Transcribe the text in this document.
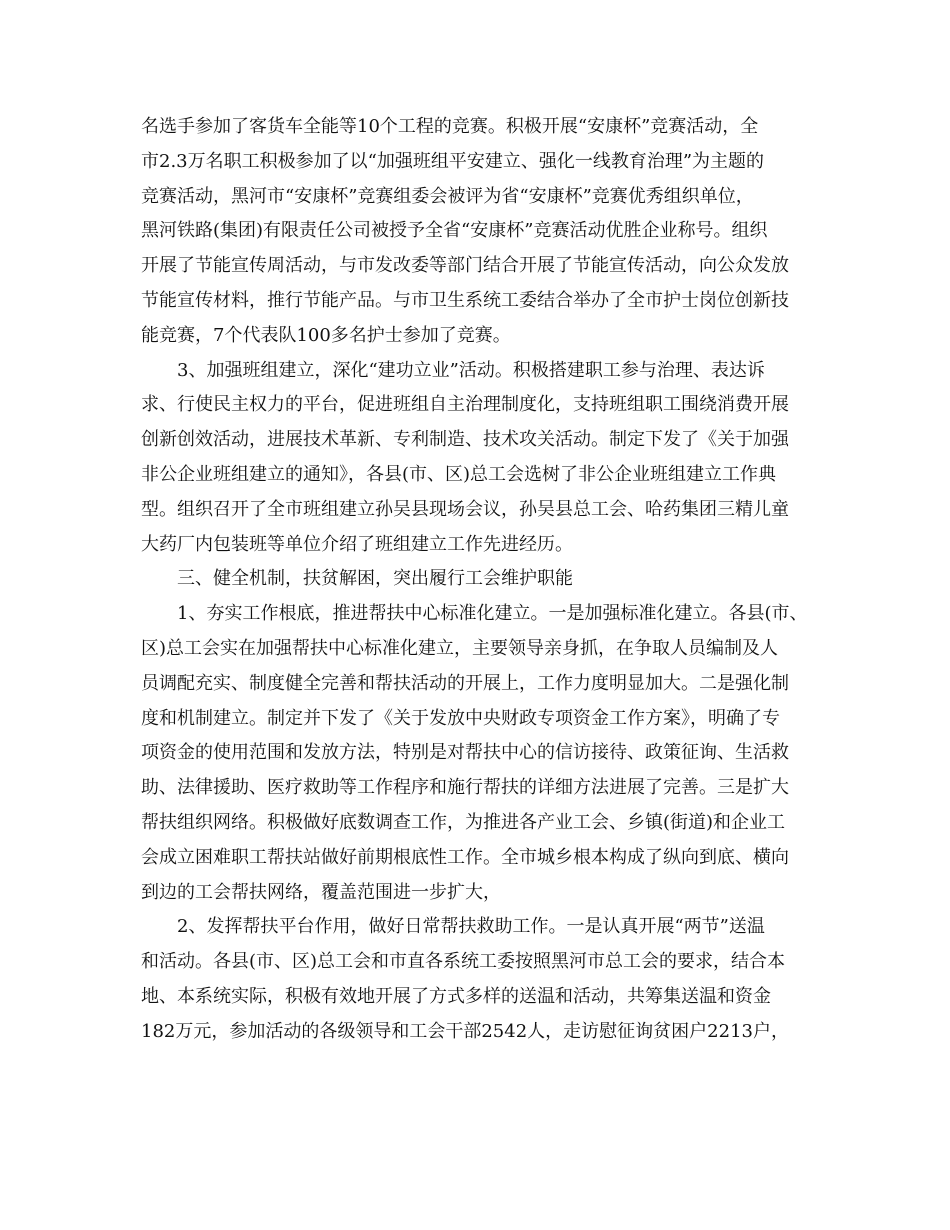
名选手参加了客货车全能等10个工程的竞赛。积极开展“安康杯”竞赛活动，全
市2.3万名职工积极参加了以“加强班组平安建立、强化一线教育治理”为主题的
竞赛活动，黑河市“安康杯”竞赛组委会被评为省“安康杯”竞赛优秀组织单位，
黑河铁路(集团)有限责任公司被授予全省“安康杯”竞赛活动优胜企业称号。组织
开展了节能宣传周活动，与市发改委等部门结合开展了节能宣传活动，向公众发放
节能宣传材料，推行节能产品。与市卫生系统工委结合举办了全市护士岗位创新技
能竞赛，7个代表队100多名护士参加了竞赛。
3、加强班组建立，深化“建功立业”活动。积极搭建职工参与治理、表达诉
求、行使民主权力的平台，促进班组自主治理制度化，支持班组职工围绕消费开展
创新创效活动，进展技术革新、专利制造、技术攻关活动。制定下发了《关于加强
非公企业班组建立的通知》，各县(市、区)总工会选树了非公企业班组建立工作典
型。组织召开了全市班组建立孙吴县现场会议，孙吴县总工会、哈药集团三精儿童
大药厂内包装班等单位介绍了班组建立工作先进经历。
三、健全机制，扶贫解困，突出履行工会维护职能
1、夯实工作根底，推进帮扶中心标准化建立。一是加强标准化建立。各县(市、
区)总工会实在加强帮扶中心标准化建立，主要领导亲身抓，在争取人员编制及人
员调配充实、制度健全完善和帮扶活动的开展上，工作力度明显加大。二是强化制
度和机制建立。制定并下发了《关于发放中央财政专项资金工作方案》，明确了专
项资金的使用范围和发放方法，特别是对帮扶中心的信访接待、政策征询、生活救
助、法律援助、医疗救助等工作程序和施行帮扶的详细方法进展了完善。三是扩大
帮扶组织网络。积极做好底数调查工作，为推进各产业工会、乡镇(街道)和企业工
会成立困难职工帮扶站做好前期根底性工作。全市城乡根本构成了纵向到底、横向
到边的工会帮扶网络，覆盖范围进一步扩大，
2、发挥帮扶平台作用，做好日常帮扶救助工作。一是认真开展“两节”送温
和活动。各县(市、区)总工会和市直各系统工委按照黑河市总工会的要求，结合本
地、本系统实际，积极有效地开展了方式多样的送温和活动，共筹集送温和资金
182万元，参加活动的各级领导和工会干部2542人，走访慰征询贫困户2213户，
